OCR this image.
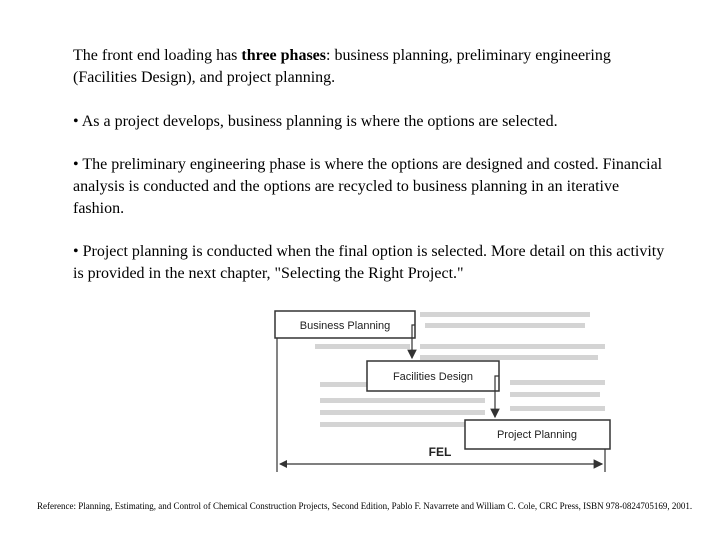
The front end loading has three phases: business planning, preliminary engineering (Facilities Design), and project planning.

• As a project develops, business planning is where the options are selected.

• The preliminary engineering phase is where the options are designed and costed. Financial analysis is conducted and the options are recycled to business planning in an iterative fashion.

• Project planning is conducted when the final option is selected. More detail on this activity is provided in the next chapter, "Selecting the Right Project."

Business Planning
Facilities Design
Project Planning
FEL

Reference: Planning, Estimating, and Control of Chemical Construction Projects, Second Edition, Pablo F. Navarrete and William C. Cole, CRC Press, ISBN 978-0824705169, 2001.
